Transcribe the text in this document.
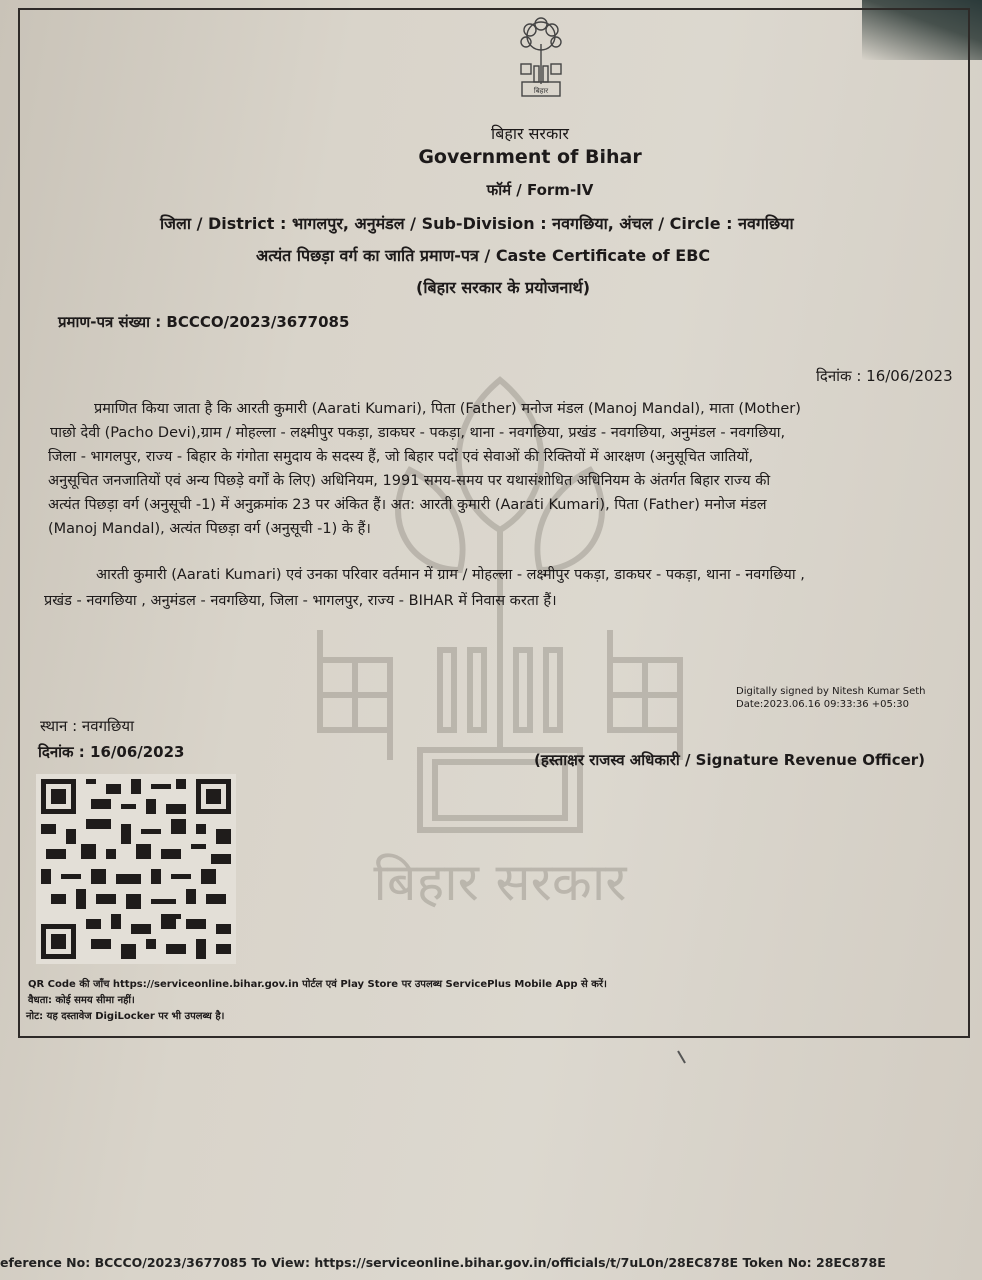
बिहार
बिहार सरकार
बिहार सरकार
Government of Bihar
फॉर्म / Form-IV
जिला / District : भागलपुर, अनुमंडल / Sub-Division : नवगछिया, अंचल / Circle : नवगछिया
अत्यंत पिछड़ा वर्ग का जाति प्रमाण-पत्र / Caste Certificate of EBC
(बिहार सरकार के प्रयोजनार्थ)
प्रमाण-पत्र संख्या : BCCCO/2023/3677085
दिनांक : 16/06/2023
प्रमाणित किया जाता है कि आरती कुमारी (Aarati Kumari), पिता (Father) मनोज मंडल (Manoj Mandal), माता (Mother)
पाछो देवी (Pacho Devi),ग्राम / मोहल्ला - लक्ष्मीपुर पकड़ा, डाकघर - पकड़ा, थाना - नवगछिया, प्रखंड - नवगछिया, अनुमंडल - नवगछिया,
जिला - भागलपुर, राज्य - बिहार के गंगोता समुदाय के सदस्य हैं, जो बिहार पदों एवं सेवाओं की रिक्तियों में आरक्षण (अनुसूचित जातियों,
अनुसूचित जनजातियों एवं अन्य पिछड़े वर्गों के लिए) अधिनियम, 1991 समय-समय पर यथासंशोधित अधिनियम के अंतर्गत बिहार राज्य की
अत्यंत पिछड़ा वर्ग (अनुसूची -1) में अनुक्रमांक 23 पर अंकित हैं। अत: आरती कुमारी (Aarati Kumari), पिता (Father) मनोज मंडल
(Manoj Mandal), अत्यंत पिछड़ा वर्ग (अनुसूची -1) के हैं।
आरती कुमारी (Aarati Kumari) एवं उनका परिवार वर्तमान में ग्राम / मोहल्ला - लक्ष्मीपुर पकड़ा, डाकघर - पकड़ा, थाना - नवगछिया ,
प्रखंड - नवगछिया , अनुमंडल - नवगछिया, जिला - भागलपुर, राज्य - BIHAR में निवास करता हैं।
Digitally signed by Nitesh Kumar Seth
Date:2023.06.16 09:33:36 +05:30
स्थान : नवगछिया
दिनांक : 16/06/2023	(हस्ताक्षर राजस्व अधिकारी / Signature Revenue Officer)
QR Code की जाँच https://serviceonline.bihar.gov.in पोर्टल एवं Play Store पर उपलब्ध ServicePlus Mobile App से करें।
वैधता: कोई समय सीमा नहीं।
नोट: यह दस्तावेज DigiLocker पर भी उपलब्ध है।
eference No: BCCCO/2023/3677085 To View: https://serviceonline.bihar.gov.in/officials/t/7uL0n/28EC878E Token No: 28EC878E
